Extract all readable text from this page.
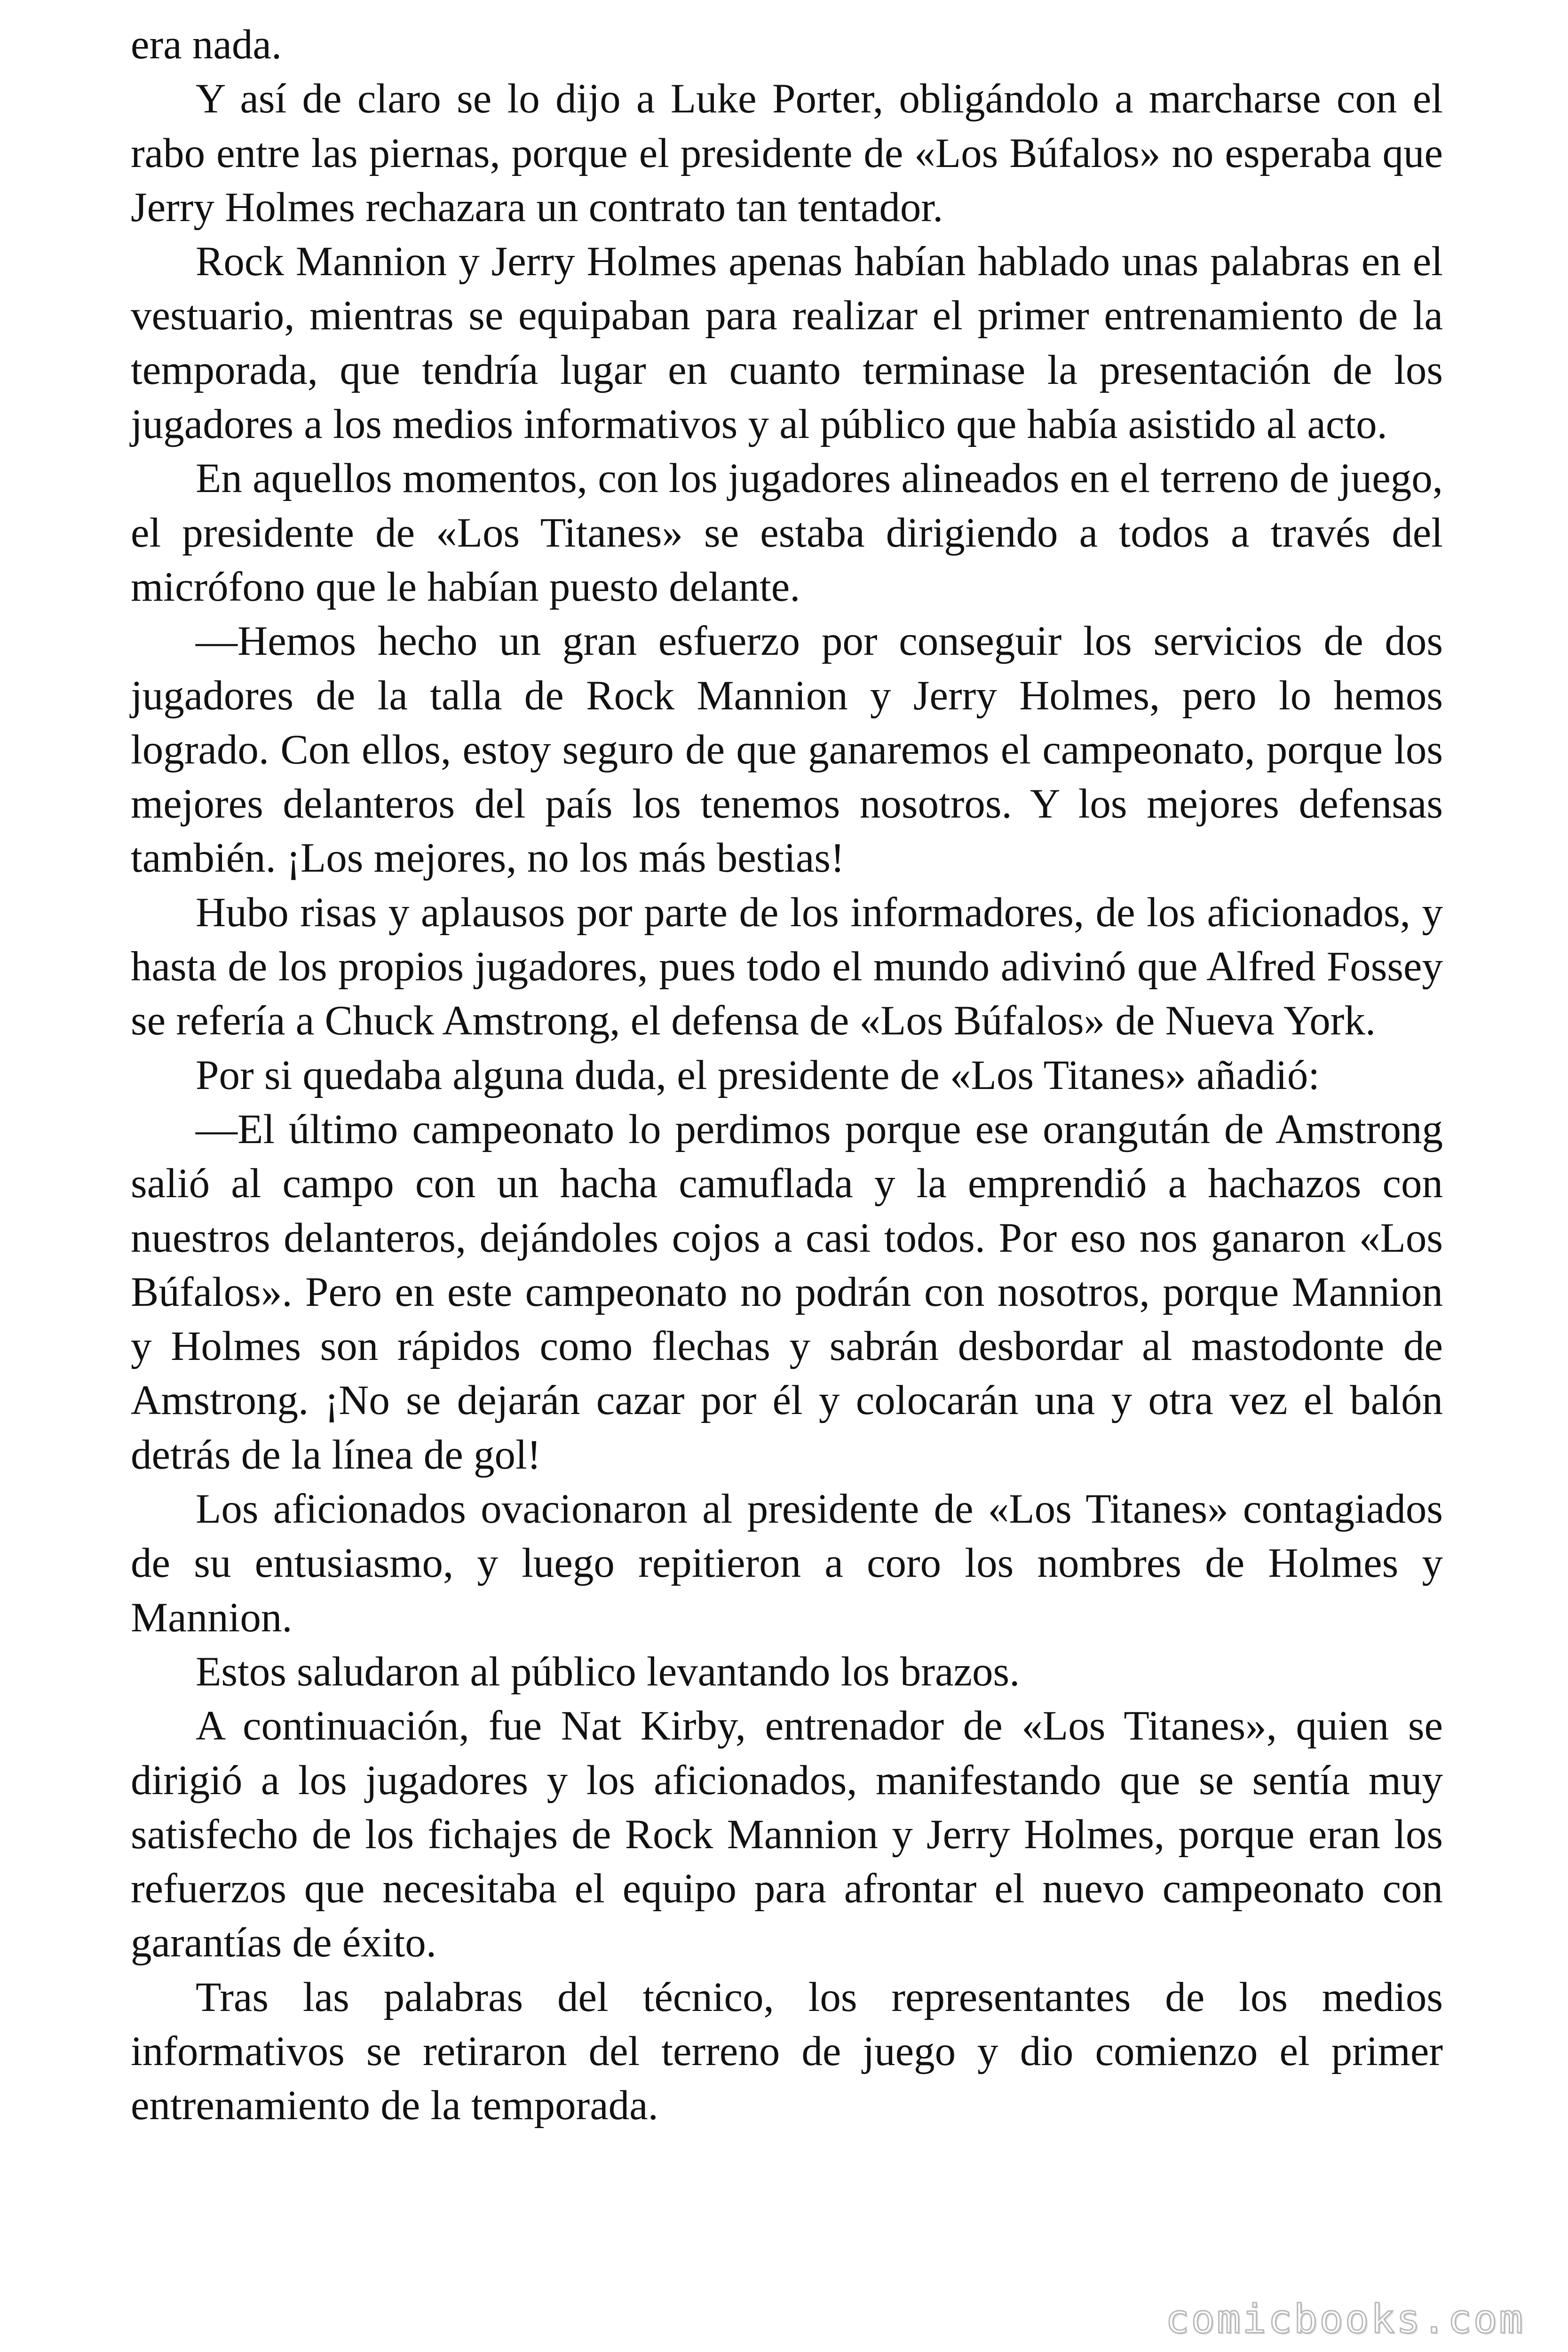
era nada.

Y así de claro se lo dijo a Luke Porter, obligándolo a marcharse con el rabo entre las piernas, porque el presidente de «Los Búfalos» no esperaba que Jerry Holmes rechazara un contrato tan tentador.

Rock Mannion y Jerry Holmes apenas habían hablado unas palabras en el vestuario, mientras se equipaban para realizar el primer entrenamiento de la temporada, que tendría lugar en cuanto terminase la presentación de los jugadores a los medios informativos y al público que había asistido al acto.

En aquellos momentos, con los jugadores alineados en el terreno de juego, el presidente de «Los Titanes» se estaba dirigiendo a todos a través del micrófono que le habían puesto delante.

—Hemos hecho un gran esfuerzo por conseguir los servicios de dos jugadores de la talla de Rock Mannion y Jerry Holmes, pero lo hemos logrado. Con ellos, estoy seguro de que ganaremos el campeonato, porque los mejores delanteros del país los tenemos nosotros. Y los mejores defensas también. ¡Los mejores, no los más bestias!

Hubo risas y aplausos por parte de los informadores, de los aficionados, y hasta de los propios jugadores, pues todo el mundo adivinó que Alfred Fossey se refería a Chuck Amstrong, el defensa de «Los Búfalos» de Nueva York.

Por si quedaba alguna duda, el presidente de «Los Titanes» añadió:

—El último campeonato lo perdimos porque ese orangután de Amstrong salió al campo con un hacha camuflada y la emprendió a hachazos con nuestros delanteros, dejándoles cojos a casi todos. Por eso nos ganaron «Los Búfalos». Pero en este campeonato no podrán con nosotros, porque Mannion y Holmes son rápidos como flechas y sabrán desbordar al mastodonte de Amstrong. ¡No se dejarán cazar por él y colocarán una y otra vez el balón detrás de la línea de gol!

Los aficionados ovacionaron al presidente de «Los Titanes» contagiados de su entusiasmo, y luego repitieron a coro los nombres de Holmes y Mannion.

Estos saludaron al público levantando los brazos.

A continuación, fue Nat Kirby, entrenador de «Los Titanes», quien se dirigió a los jugadores y los aficionados, manifestando que se sentía muy satisfecho de los fichajes de Rock Mannion y Jerry Holmes, porque eran los refuerzos que necesitaba el equipo para afrontar el nuevo campeonato con garantías de éxito.

Tras las palabras del técnico, los representantes de los medios informativos se retiraron del terreno de juego y dio comienzo el primer entrenamiento de la temporada.

comicbooks.com
